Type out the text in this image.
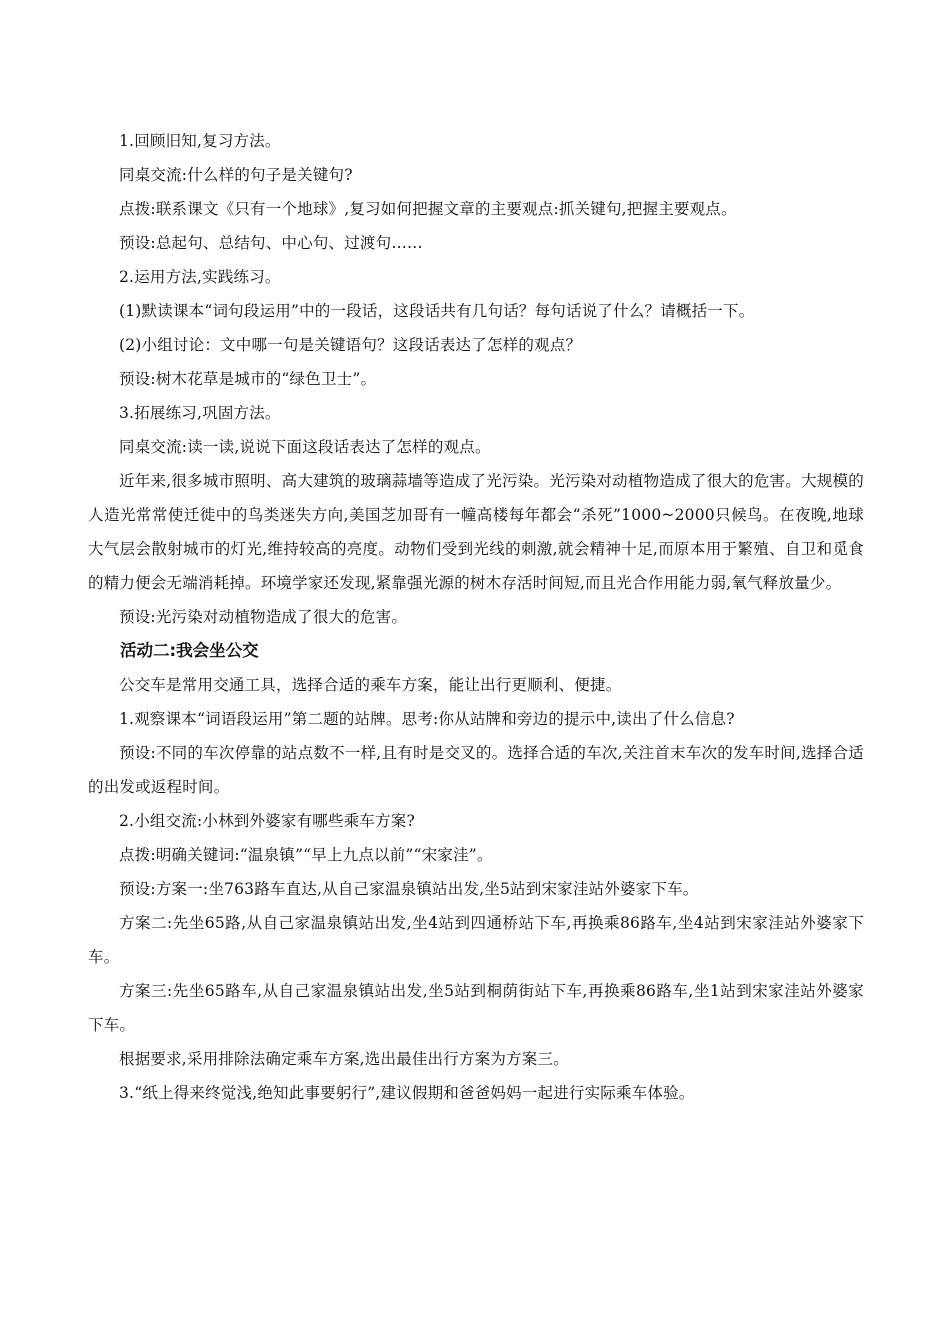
1.回顾旧知,复习方法。

同桌交流:什么样的句子是关键句?

点拨:联系课文《只有一个地球》,复习如何把握文章的主要观点:抓关键句,把握主要观点。

预设:总起句、总结句、中心句、过渡句……

2.运用方法,实践练习。

(1)默读课本“词句段运用”中的一段话，这段话共有几句话？每句话说了什么？请概括一下。

(2)小组讨论：文中哪一句是关键语句？这段话表达了怎样的观点？

预设:树木花草是城市的“绿色卫士”。

3.拓展练习,巩固方法。

同桌交流:读一读,说说下面这段话表达了怎样的观点。

近年来,很多城市照明、高大建筑的玻璃蒜墙等造成了光污染。光污染对动植物造成了很大的危害。大规模的人造光常常使迁徙中的鸟类迷失方向,美国芝加哥有一幢高楼每年都会“杀死”1000~2000只候鸟。在夜晚,地球大气层会散射城市的灯光,维持较高的亮度。动物们受到光线的刺激,就会精神十足,而原本用于繁殖、自卫和觅食的精力便会无端消耗掉。环境学家还发现,紧靠强光源的树木存活时间短,而且光合作用能力弱,氧气释放量少。

预设:光污染对动植物造成了很大的危害。

活动二:我会坐公交

公交车是常用交通工具，选择合适的乘车方案，能让出行更顺利、便捷。

1.观察课本“词语段运用”第二题的站牌。思考:你从站牌和旁边的提示中,读出了什么信息?

预设:不同的车次停靠的站点数不一样,且有时是交叉的。选择合适的车次,关注首末车次的发车时间,选择合适的出发或返程时间。

2.小组交流:小林到外婆家有哪些乘车方案?

点拨:明确关键词:“温泉镇”“早上九点以前”“宋家洼”。

预设:方案一:坐763路车直达,从自己家温泉镇站出发,坐5站到宋家洼站外婆家下车。

方案二:先坐65路,从自己家温泉镇站出发,坐4站到四通桥站下车,再换乘86路车,坐4站到宋家洼站外婆家下车。

方案三:先坐65路车,从自己家温泉镇站出发,坐5站到桐荫街站下车,再换乘86路车,坐1站到宋家洼站外婆家下车。

根据要求,采用排除法确定乘车方案,选出最佳出行方案为方案三。

3.“纸上得来终觉浅,绝知此事要躬行”,建议假期和爸爸妈妈一起进行实际乘车体验。
